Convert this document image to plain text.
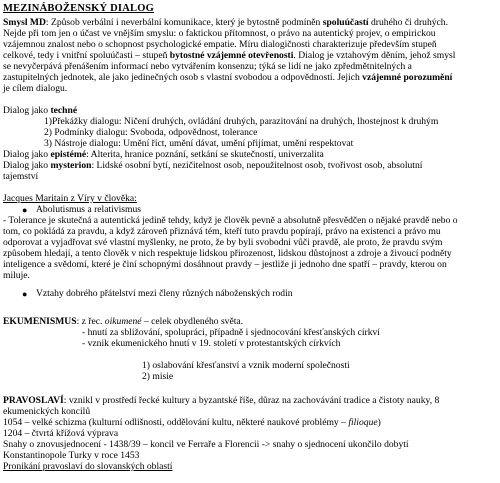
MEZINÁBOŽENSKÝ DIALOG
Smysl MD: Způsob verbální i neverbální komunikace, který je bytostně podmíněn spoluúčastí druhého či druhých.
Nejde při tom jen o účast ve vnějším smyslu: o faktickou přítomnost, o právo na autentický projev, o empirickou
vzájemnou znalost nebo o schopnost psychologické empatie. Míru dialogičnosti charakterizuje především stupeň
celkové, tedy i vnitřní spoluúčasti – stupeň bytostné vzájemné otevřenosti. Dialog je vztahovým děním, jehož smysl
se nevyčerpává přenášením informací nebo vytvářením konsenzu; týká se lidí ne jako zpředmětnitelných a
zastupitelných jednotek, ale jako jedinečných osob s vlastní svobodou a odpovědností. Jejich vzájemné porozumění
je cílem dialogu.
Dialog jako techné
1)Překážky dialogu: Ničení druhých, ovládání druhých, parazitování na druhých, lhostejnost k druhým
2) Podmínky dialogu: Svoboda, odpovědnost, tolerance
3) Nástroje dialogu: Umění říct, umění dávat, umění přijímat, umění respektovat
Dialog jako epistémé: Alterita, hranice poznání, setkání se skutečností, univerzalita
Dialog jako mysterion: Lidské osobní bytí, nezičitelnost osob, nepoužitelnost osob, tvořivost osob, absolutní
tajemství
Jacques Maritain z Víry v člověka:
● Abolutismus a relativismus
- Tolerance je skutečná a autentická jedině tehdy, když je člověk pevně a absolutně přesvědčen o nějaké pravdě nebo o
tom, co pokládá za pravdu, a když zároveň přiznává tém, kteří tuto pravdu popírají, právo na existenci a právo mu
odporovat a vyjadřovat své vlastní myšlenky, ne proto, že by byli svobodni vůči pravdě, ale proto, že pravdu svým
způsobem hledají, a tento člověk v nich respektuje lidskou přirozenost, lidskou důstojnost a zdroje a živoucí podněty
inteligence a svědomí, které je činí schopnými dosáhnout pravdy – jestliže ji jednoho dne spatří – pravdy, kterou on
miluje.
● Vztahy dobrého přátelství mezi členy různých náboženských rodin
EKUMENISMUS: z řec. oikumené – celek obydleného světa.
- hnutí za sbližování, spolupráci, případně i sjednocování křesťanských církví
- vznik ekumenického hnutí v 19. století v protestantských církvích
1) oslabování křesťanství a vznik moderní společnosti
2) misie
PRAVOSLAVÍ: vznikl v prostředí řecké kultury a byzantské říše, důraz na zachovávání tradice a čistoty nauky, 8
ekumenických koncilů
1054 – velké schizma (kulturní odlišnosti, oddělování kultu, některé naukové problémy – filioque)
1204 – čtvrtá křížová výprava
Snahy o znovusjednocení - 1438/39 – koncil ve Ferraře a Florencii -> snahy o sjednocení ukončilo dobytí
Konstantinopole Turky v roce 1453
Pronikání pravoslaví do slovanských oblastí
